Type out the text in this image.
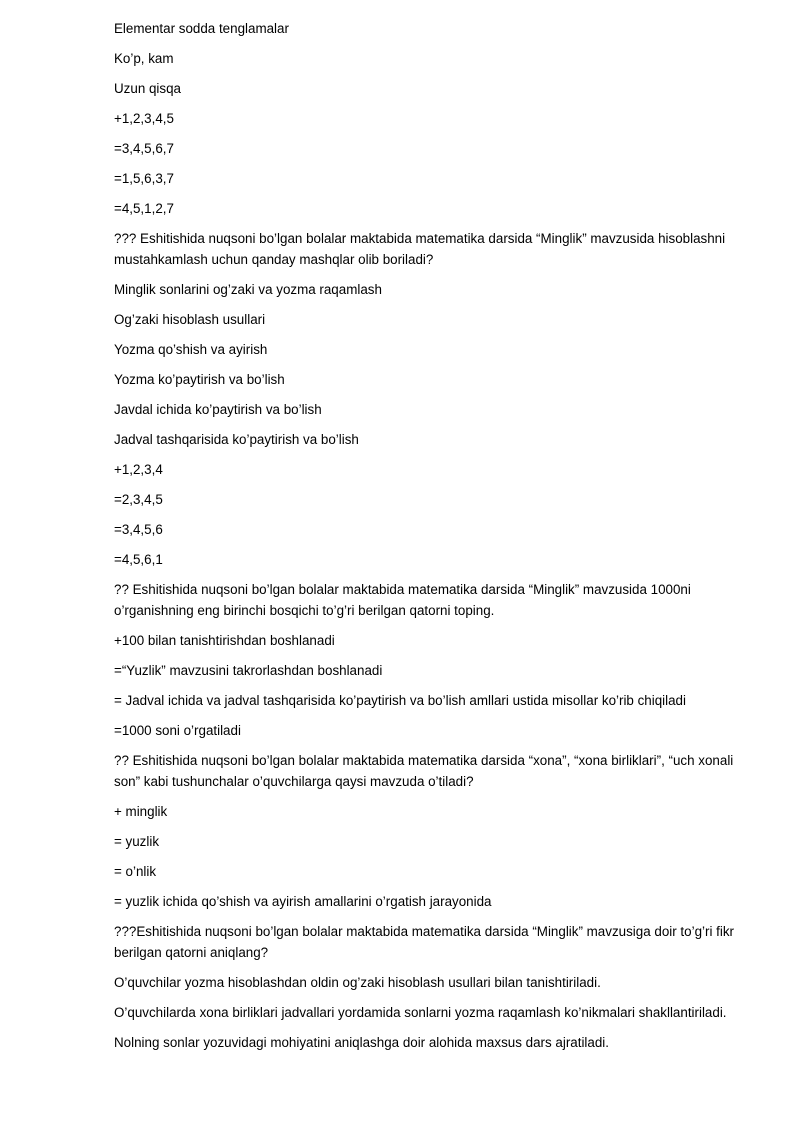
Elementar sodda tenglamalar

Ko’p, kam

Uzun qisqa

+1,2,3,4,5

=3,4,5,6,7

=1,5,6,3,7

=4,5,1,2,7

??? Eshitishida nuqsoni bo’lgan bolalar maktabida matematika darsida “Minglik” mavzusida hisoblashni mustahkamlash uchun qanday mashqlar olib boriladi?

Minglik sonlarini og’zaki va yozma raqamlash

Og’zaki hisoblash usullari

Yozma qo’shish va ayirish

Yozma ko’paytirish va bo’lish

Javdal ichida ko’paytirish va bo’lish

Jadval tashqarisida ko’paytirish va bo’lish

+1,2,3,4

=2,3,4,5

=3,4,5,6

=4,5,6,1

?? Eshitishida nuqsoni bo’lgan bolalar maktabida matematika darsida “Minglik” mavzusida 1000ni o’rganishning eng birinchi bosqichi to’g’ri berilgan qatorni toping.

+100 bilan tanishtirishdan boshlanadi

=“Yuzlik” mavzusini takrorlashdan boshlanadi

= Jadval ichida va jadval tashqarisida ko’paytirish va bo’lish amllari ustida misollar ko’rib chiqiladi

=1000 soni o’rgatiladi

?? Eshitishida nuqsoni bo’lgan bolalar maktabida matematika darsida “xona”, “xona birliklari”, “uch xonali son” kabi tushunchalar o’quvchilarga qaysi mavzuda o’tiladi?

+ minglik

= yuzlik

= o’nlik

= yuzlik ichida qo’shish va ayirish amallarini o’rgatish jarayonida

???Eshitishida nuqsoni bo’lgan bolalar maktabida matematika darsida “Minglik” mavzusiga doir to’g’ri fikr berilgan qatorni aniqlang?

O’quvchilar yozma hisoblashdan oldin og’zaki hisoblash usullari bilan tanishtiriladi.

O’quvchilarda xona birliklari jadvallari yordamida sonlarni yozma raqamlash ko’nikmalari shakllantiriladi.

Nolning sonlar yozuvidagi mohiyatini aniqlashga doir alohida maxsus dars ajratiladi.
